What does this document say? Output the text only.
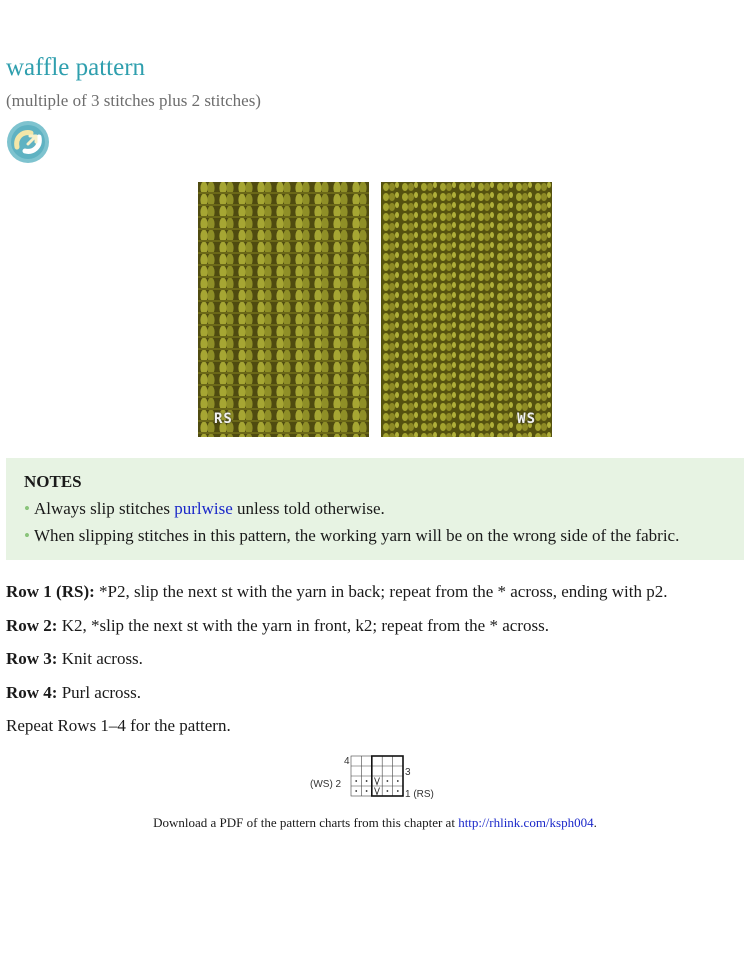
waffle pattern
(multiple of 3 stitches plus 2 stitches)
RS	WS
NOTES
• Always slip stitches purlwise unless told otherwise.
• When slipping stitches in this pattern, the working yarn will be on the wrong side of the fabric.
Row 1 (RS): *P2, slip the next st with the yarn in back; repeat from the * across, ending with p2.
Row 2: K2, *slip the next st with the yarn in front, k2; repeat from the * across.
Row 3: Knit across.
Row 4: Purl across.
Repeat Rows 1–4 for the pattern.
4
(WS) 2
3
1 (RS)
Download a PDF of the pattern charts from this chapter at http://rhlink.com/ksph004.
